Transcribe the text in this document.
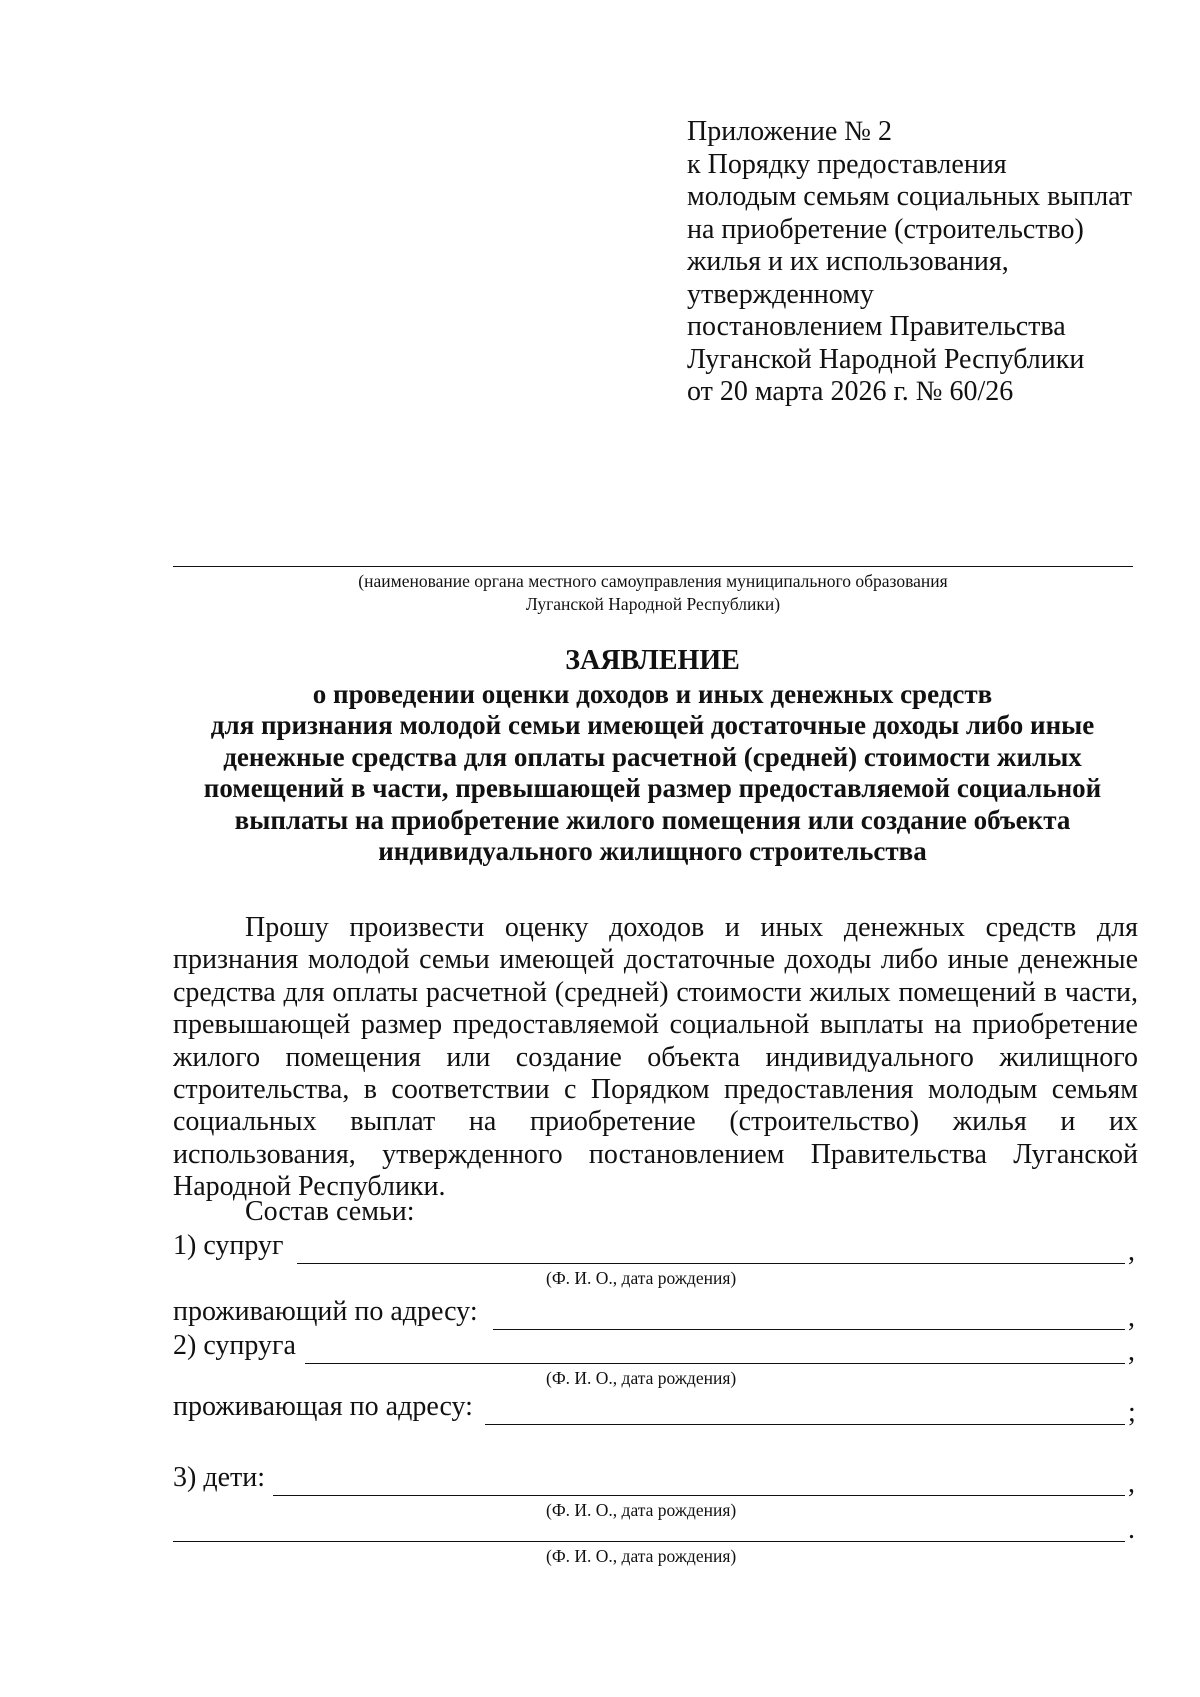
Приложение № 2
к Порядку предоставления
молодым семьям социальных выплат
на приобретение (строительство)
жилья и их использования,
утвержденному
постановлением Правительства
Луганской Народной Республики
от 20 марта 2026 г. № 60/26
(наименование органа местного самоуправления муниципального образования
Луганской Народной Республики)
ЗАЯВЛЕНИЕ
о проведении оценки доходов и иных денежных средств
для признания молодой семьи имеющей достаточные доходы либо иные
денежные средства для оплаты расчетной (средней) стоимости жилых
помещений в части, превышающей размер предоставляемой социальной
выплаты на приобретение жилого помещения или создание объекта
индивидуального жилищного строительства
Прошу произвести оценку доходов и иных денежных средств для признания молодой семьи имеющей достаточные доходы либо иные денежные средства для оплаты расчетной (средней) стоимости жилых помещений в части, превышающей размер предоставляемой социальной выплаты на приобретение жилого помещения или создание объекта индивидуального жилищного строительства, в соответствии с Порядком предоставления молодым семьям социальных выплат на приобретение (строительство) жилья и их использования, утвержденного постановлением Правительства Луганской Народной Республики.
Состав семьи:
1) супруг	,
(Ф. И. О., дата рождения)
проживающий по адресу:	,
2) супруга	,
(Ф. И. О., дата рождения)
проживающая по адресу:	;
3) дети:	,
(Ф. И. О., дата рождения)
.
(Ф. И. О., дата рождения)
